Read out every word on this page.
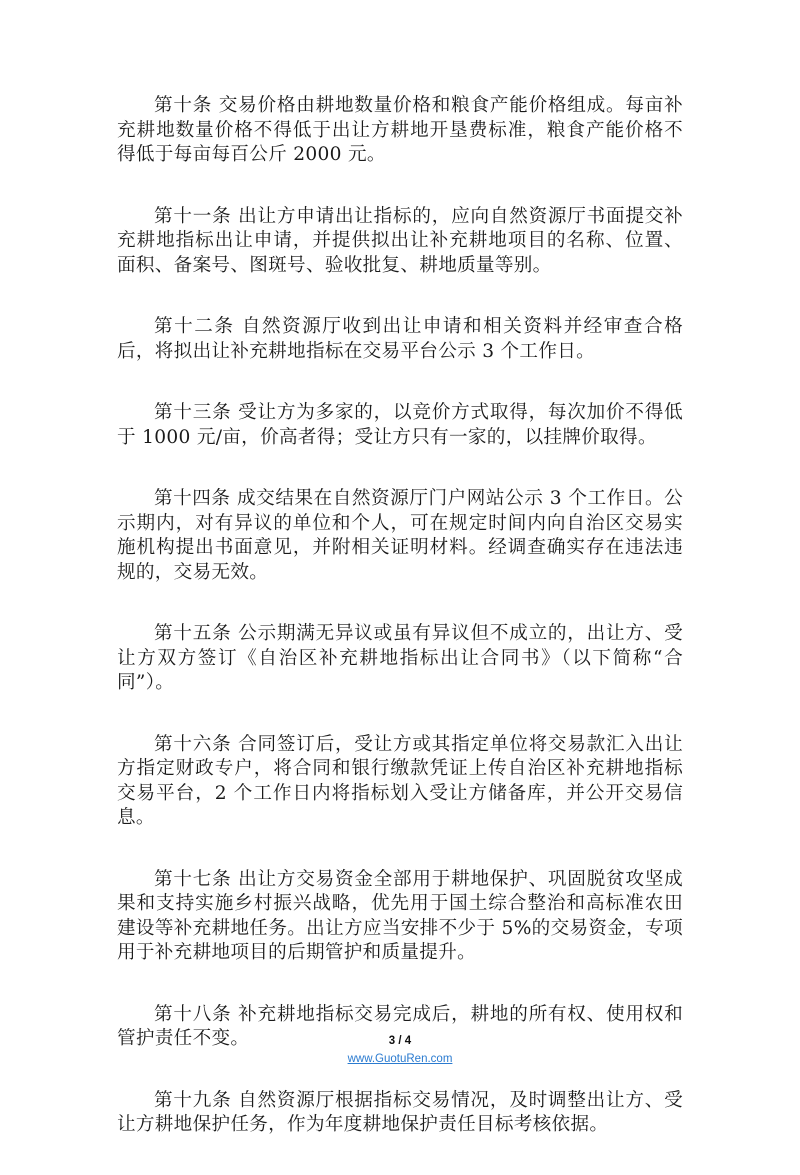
第十条 交易价格由耕地数量价格和粮食产能价格组成。每亩补充耕地数量价格不得低于出让方耕地开垦费标准，粮食产能价格不得低于每亩每百公斤 2000 元。

第十一条 出让方申请出让指标的，应向自然资源厅书面提交补充耕地指标出让申请，并提供拟出让补充耕地项目的名称、位置、面积、备案号、图斑号、验收批复、耕地质量等别。

第十二条 自然资源厅收到出让申请和相关资料并经审查合格后，将拟出让补充耕地指标在交易平台公示 3 个工作日。

第十三条 受让方为多家的，以竞价方式取得，每次加价不得低于 1000 元/亩，价高者得；受让方只有一家的，以挂牌价取得。

第十四条 成交结果在自然资源厅门户网站公示 3 个工作日。公示期内，对有异议的单位和个人，可在规定时间内向自治区交易实施机构提出书面意见，并附相关证明材料。经调查确实存在违法违规的，交易无效。

第十五条 公示期满无异议或虽有异议但不成立的，出让方、受让方双方签订《自治区补充耕地指标出让合同书》（以下简称“合同”）。

第十六条 合同签订后，受让方或其指定单位将交易款汇入出让方指定财政专户，将合同和银行缴款凭证上传自治区补充耕地指标交易平台，2 个工作日内将指标划入受让方储备库，并公开交易信息。

第十七条 出让方交易资金全部用于耕地保护、巩固脱贫攻坚成果和支持实施乡村振兴战略，优先用于国土综合整治和高标准农田建设等补充耕地任务。出让方应当安排不少于 5%的交易资金，专项用于补充耕地项目的后期管护和质量提升。

第十八条 补充耕地指标交易完成后，耕地的所有权、使用权和管护责任不变。

第十九条 自然资源厅根据指标交易情况，及时调整出让方、受让方耕地保护任务，作为年度耕地保护责任目标考核依据。

3 / 4
www.GuotuRen.com
